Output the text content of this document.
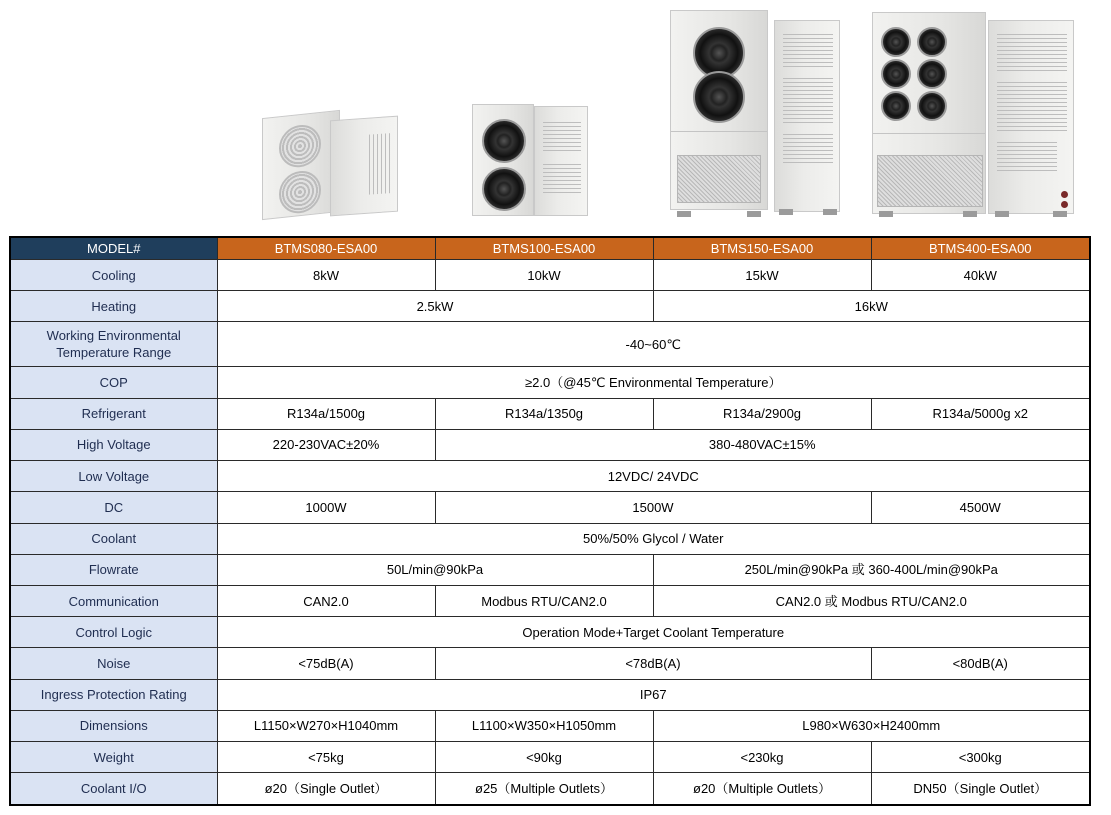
MODEL#	BTMS080-ESA00	BTMS100-ESA00	BTMS150-ESA00	BTMS400-ESA00
Cooling	8kW	10kW	15kW	40kW
Heating	2.5kW		16kW	
Working Environmental Temperature Range	-40~60℃			
COP	≥2.0（@45℃ Environmental Temperature）			
Refrigerant	R134a/1500g	R134a/1350g	R134a/2900g	R134a/5000g x2
High Voltage	220-230VAC±20%	380-480VAC±15%		
Low Voltage	12VDC/ 24VDC			
DC	1000W	1500W		4500W
Coolant	50%/50% Glycol / Water			
Flowrate	50L/min@90kPa		250L/min@90kPa 或 360-400L/min@90kPa	
Communication	CAN2.0	Modbus RTU/CAN2.0	CAN2.0 或 Modbus RTU/CAN2.0	
Control Logic	Operation Mode+Target Coolant Temperature			
Noise	<75dB(A)	<78dB(A)		<80dB(A)
Ingress Protection Rating	IP67			
Dimensions	L1150×W270×H1040mm	L1100×W350×H1050mm	L980×W630×H2400mm	
Weight	<75kg	<90kg	<230kg	<300kg
Coolant I/O	ø20（Single Outlet）	ø25（Multiple Outlets）	ø20（Multiple Outlets）	DN50（Single Outlet）
